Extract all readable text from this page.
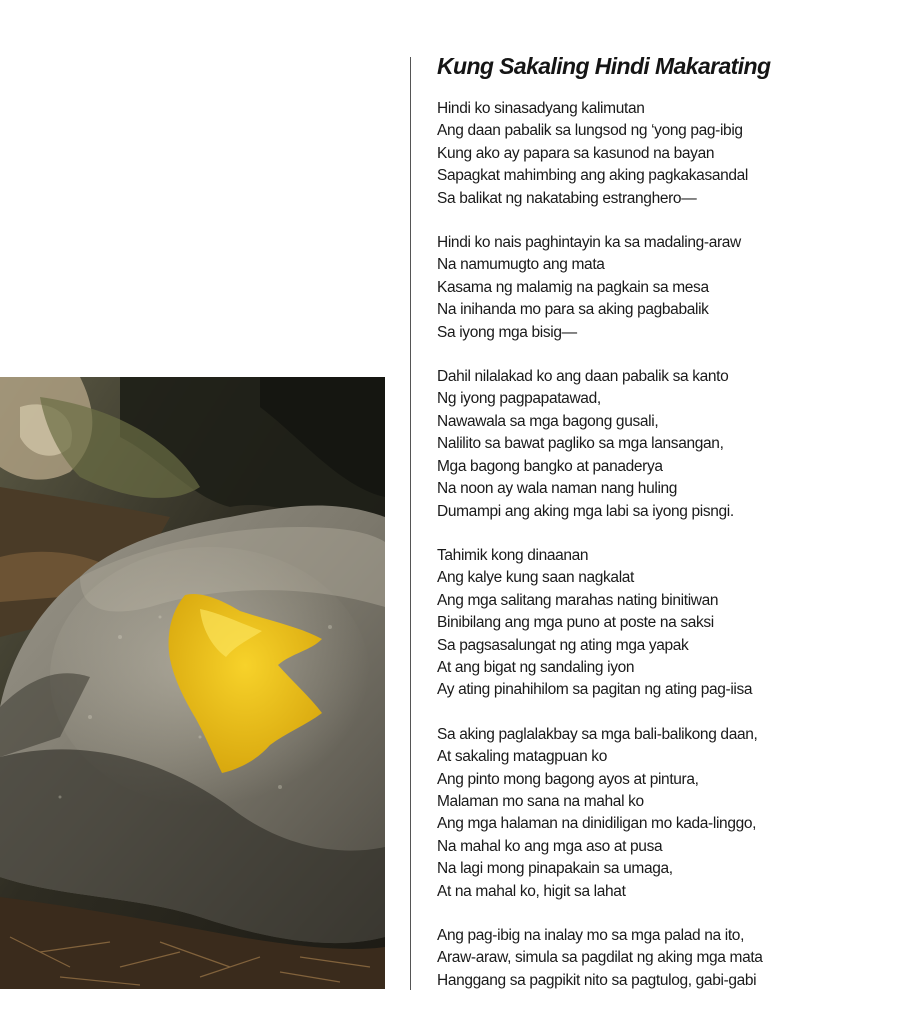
Kung Sakaling Hindi Makarating
Hindi ko sinasadyang kalimutan
Ang daan pabalik sa lungsod ng ‘yong pag-ibig
Kung ako ay papara sa kasunod na bayan
Sapagkat mahimbing ang aking pagkakasandal
Sa balikat ng nakatabing estranghero—
Hindi ko nais paghintayin ka sa madaling-araw
Na namumugto ang mata
Kasama ng malamig na pagkain sa mesa
Na inihanda mo para sa aking pagbabalik
Sa iyong mga bisig—
Dahil nilalakad ko ang daan pabalik sa kanto
Ng iyong pagpapatawad,
Nawawala sa mga bagong gusali,
Nalilito sa bawat pagliko sa mga lansangan,
Mga bagong bangko at panaderya
Na noon ay wala naman nang huling
Dumampi ang aking mga labi sa iyong pisngi.
Tahimik kong dinaanan
Ang kalye kung saan nagkalat
Ang mga salitang marahas nating binitiwan
Binibilang ang mga puno at poste na saksi
Sa pagsasalungat ng ating mga yapak
At ang bigat ng sandaling iyon
Ay ating pinahihilom sa pagitan ng ating pag-iisa
Sa aking paglalakbay sa mga bali-balikong daan,
At sakaling matagpuan ko
Ang pinto mong bagong ayos at pintura,
Malaman mo sana na mahal ko
Ang mga halaman na dinidiligan mo kada-linggo,
Na mahal ko ang mga aso at pusa
Na lagi mong pinapakain sa umaga,
At na mahal ko, higit sa lahat
Ang pag-ibig na inalay mo sa mga palad na ito,
Araw-araw, simula sa pagdilat ng aking mga mata
Hanggang sa pagpikit nito sa pagtulog, gabi-gabi
